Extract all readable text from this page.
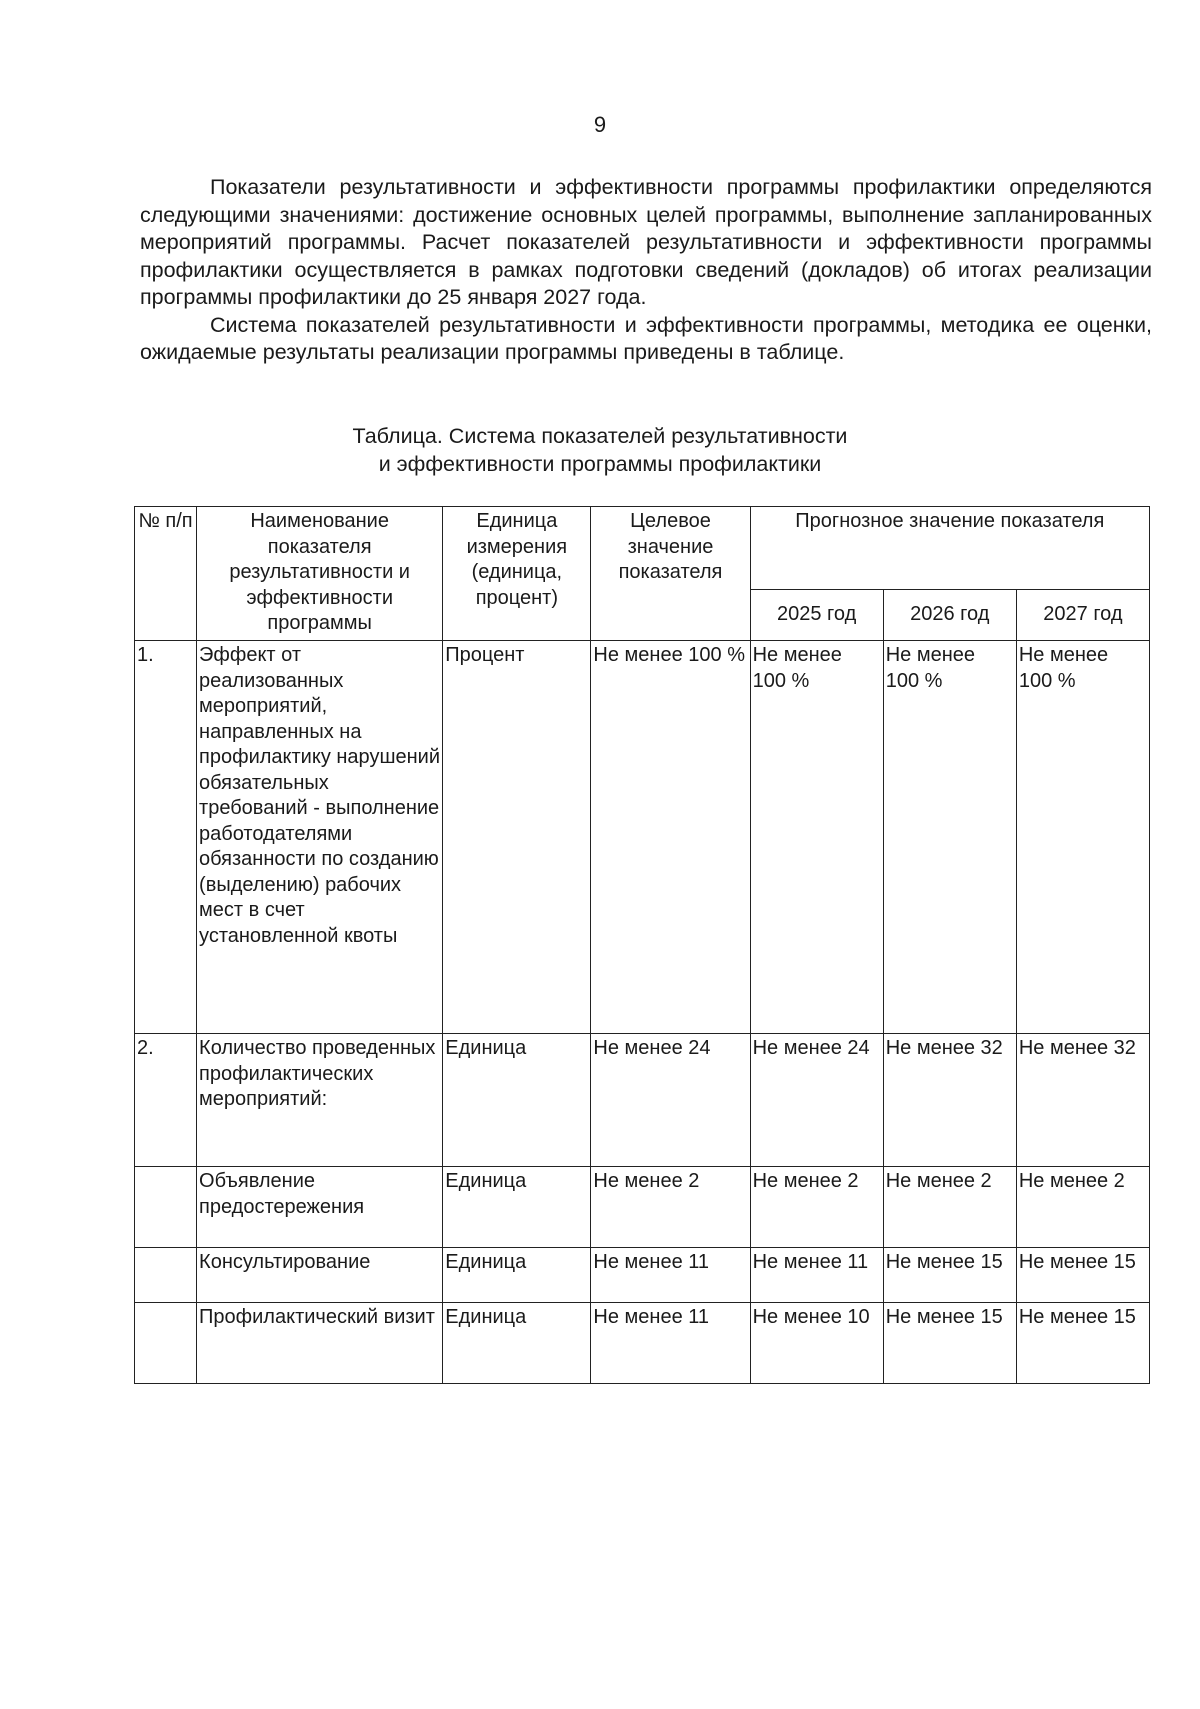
9

Показатели результативности и эффективности программы профилактики определяются следующими значениями: достижение основных целей программы, выполнение запланированных мероприятий программы. Расчет показателей результативности и эффективности программы профилактики осуществляется в рамках подготовки сведений (докладов) об итогах реализации программы профилактики до 25 января 2027 года.

Система показателей результативности и эффективности программы, методика ее оценки, ожидаемые результаты реализации программы приведены в таблице.

Таблица. Система показателей результативности
и эффективности программы профилактики
№ п/п	Наименование показателя результативности и эффективности программы	Единица измерения (единица, процент)	Целевое значение показателя	Прогнозное значение показателя		
				2025 год	2026 год	2027 год
1.	Эффект от реализованных мероприятий, направленных на профилактику нарушений обязательных требований - выполнение работодателями обязанности по созданию (выделению) рабочих мест в счет установленной квоты	Процент	Не менее 100 %	Не менее 100 %	Не менее 100 %	Не менее 100 %
2.	Количество проведенных профилактических мероприятий:	Единица	Не менее 24	Не менее 24	Не менее 32	Не менее 32
	Объявление предостережения	Единица	Не менее 2	Не менее 2	Не менее 2	Не менее 2
	Консультирование	Единица	Не менее 11	Не менее 11	Не менее 15	Не менее 15
	Профилактический визит	Единица	Не менее 11	Не менее 10	Не менее 15	Не менее 15
